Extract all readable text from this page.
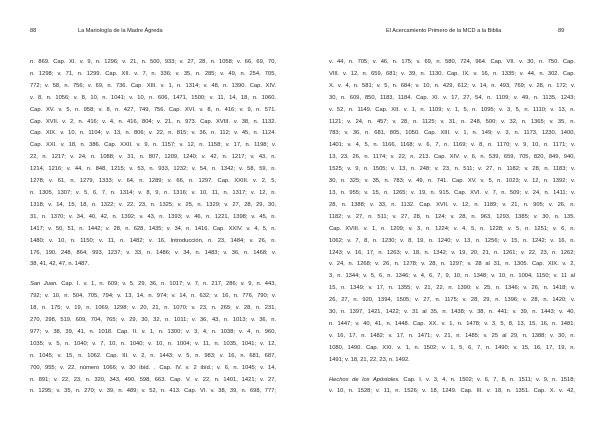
88	La Mariología de la Madre Ágreda
n. 869. Cap. XI. v. 9, n. 1296; v. 21, n. 500, 933; v. 27, 28, n. 1058; v. 66, 69, 70,
n. 1298; v. 71, n. 1299. Cap. XII. v. 7, n. 336; v. 35, n. 285; v. 49, n. 254, 705,
772; v. 58, n. 756; v. 69, n. 736. Cap. XIII. v. 1, n. 1314; v. 48, n. 1390. Cap. XIV.
v. 8, n. 1056; v. 8, 10, n. 1041; v. 10, n. 606, 1471, 1500; v. 11, 14, 18, n. 1060.
Cap. XV. v. 5, n. 958; v. 8, n. 427, 749, 756. Cap. XVI. v. 8, n. 416; v. 9, n. 571.
Cap. XVII. v. 2, n. 416; v. 4, n. 416, 804; v. 21, n. 973. Cap. XVIII. v. 38, n. 1132.
Cap. XIX. v. 10, n. 1104; v. 13, n. 806; v. 22, n. 815; v. 36, n. 112; v. 45, n. 1124.
Cap. XXI. v. 18, n. 386. Cap. XXII. v. 9, n. 1157; v. 12, n. 1158; v. 17, n. 1198; v.
22, n. 1217; v. 24, n. 1088; v. 31, n. 807, 1209, 1240; v. 42, n. 1217; v. 43, n.
1214, 1216; v. 44, n. 848, 1215; v. 53, n. 933, 1232; v. 54, n. 1342; v. 58, 59, n.
1278; v. 61, n. 1279, 1333; v. 64, n. 1289; v. 66, n. 1297. Cap. XXIII. v. 2, 5,
n. 1305, 1307; v. 5, 6, 7, n. 1314; v. 8, 9, n. 1316; v. 10, 11, n. 1317; v. 12, n.
1318; v. 14, 15, 18, n. 1322; v. 22, 23, n. 1325; v. 25, n. 1329; v. 27, 28, 29, 30,
31, n. 1370; v. 34, 40, 42, n. 1392; v. 43, n. 1393; v. 46, n. 1221, 1398; v. 45, n.
1417; v. 50, 51, n. 1442; v. 28, n. 628, 1435; v. 34, n. 1416. Cap. XXIV. v. 4, 5, n.
1480; v. 10, n. 1150; v. 11, n. 1482; v. 16, Introducción, n. 23, 1484; v. 26, n.
176, 190, 248, 864, 993, 1237; v. 33, n. 1486; v. 34, n. 1483; v. 36, n. 1468; v.
38, 41, 42, 47, n. 1487.
San Juan. Cap. I. v. 1, n. 609; v. 5, 29, 36, n. 1017; v. 7, n. 217, 286; v. 9, n. 443,
792; v. 10, n. 504, 705, 794; v. 13, 14, n. 974; v. 14, n. 632; v. 16, n. 776, 790; v.
18, n. 175; v. 19, n. 1069, 1298; v. 20, 21, n. 1070; v. 23, n. 265; v. 28, n. 231,
270, 298, 519, 609, 704, 765; v. 29, 30, 32, n. 1011; v. 36, 43, n. 1013; v. 36, n.
977; v. 38, 39, 41, n. 1018. Cap. II. v. 1, n. 1300; v. 3, 4, n. 1038; v. 4, n. 960,
1035; v. 5, n. 1040; v. 7, 10, n. 1040; v. 10, n. 1004; v. 11, n. 1035, 1041; v. 12,
n. 1045; v. 15, n. 1062. Cap. III. v. 2, n. 1443; v. 5, n. 983; v. 16, n. 681, 687,
700, 955; v. 22, número 1066; v. 30 ibíd. . Cap. IV. v. 2 ibíd.; v. 6, n. 1045; v. 14,
n. 891; v. 22, 23, n. 320, 343, 490, 598, 663. Cap. V. v. 22, n. 1401, 1421; v. 27,
n. 1295; v. 35, n. 270; v. 39, n. 489; v. 52, n. 413. Cap. VI. v. 38, 39, n. 698, 777;
El Acercamiento Primero de la MCD a la Biblia	89
v. 44, n. 705; v. 46, n. 175; v. 69, n. 580, 724, 964. Cap. VII. v. 30, n. 750. Cap.
VIII. v. 12, n. 659, 681; v. 39, n. 1130. Cap. IX. v. 16, n. 1335; v. 44, n. 302. Cap.
X. v. 4, n. 581; v. 5, n. 684; v. 10, n. 429, 612; v. 14, n. 493, 769; v. 28, n. 172; v.
30, n. 609, 850, 1183, 1184. Cap. XI. v. 17, 27, 54, n. 1109; v. 49, n. 1135, 1243;
v. 52, n. 1149. Cap. XII. v. 1, n. 1109; v. 1, 5, n. 1095; v. 3, 5, n. 1110; v. 13, n.
1121; v. 24, n. 457; v. 28, n. 1125; v. 31, n. 248, 500; v. 32, n. 1365; v. 35, n.
783; v. 36, n. 681, 805, 1050. Cap. XIII. v. 1, n. 149; v. 3, n. 1173, 1230, 1400,
1401; v. 4, 5, n. 1166, 1168; v. 6, 7, n. 1169; v. 8, n. 1170; v. 9, 10, n. 1171; v.
13, 23, 26, n. 1174; v. 22, n. 213. Cap. XIV. v. 6, n. 539, 659, 705, 820, 849, 940,
1525; v. 9, n. 1505; v. 13, n. 248; v. 23, n. 511; v. 27, n. 1182; v. 28, n. 1183; v.
30, n. 325; v. 35, n. 783; v. 49, n. 741. Cap. XV. v. 5, n. 1023; v. 12, n. 1392; v.
13, n. 955; v. 15, n. 1265; v. 19, n. 915. Cap. XVI. v. 7, n. 509; v. 24, n. 1411; v.
28, n. 1388; v. 33, n. 1132. Cap. XVII. v. 12, n. 1189; v. 21, n. 905; v. 26, n.
1182; v. 27, n. 511; v. 27, 28, n. 124; v. 28, n. 963, 1293, 1385; v. 30, n. 135.
Cap. XVIII. v. 1, n. 1209; v. 3, n. 1224; v. 4, 5, n. 1228; v. 5, n. 1251; v. 6, n.
1062; v. 7, 8, n. 1230; v. 8, 19, n. 1240; v. 13, n. 1256; v. 15, n. 1242; v. 16, n.
1243; v. 16, 17, n. 1263; v. 18, n. 1342; v. 19, 20, 21, n. 1261; v. 22, 23, n. 1262;
v. 24, n. 1268; v. 26, n. 1278; v. 28, n. 1297; v. 28 al 31, n. 1305. Cap. XIX. v. 2,
3, n. 1344; v. 5, 6, n. 1346; v. 4, 6, 7, 9, 10, n. 1348; v. 10, n. 1004, 1150; v. 11 al
15, n. 1349; v. 17, n. 1355; v. 21, 22, n. 1390; v. 25, n. 1346; v. 26, n. 1418; v.
26, 27, n. 920, 1394, 1505; v. 27, n. 1175; v. 28, 29, n. 1396; v. 28, n. 1420; v.
30, n. 1397, 1421, 1422; v. 31 al 35, n. 1438; v. 38, n. 441; v. 39, n. 1443; v. 40,
n. 1447; v. 40, 41, n. 1448. Cap. XX. v. 1, n. 1478; v. 3, 5, 8, 13, 15, 16, n. 1481;
v. 16, 17, n. 1482; v. 17, n. 1471; v. 21, n. 1485; v. 25 al 29, n. 1388; v. 30, n.
1080, 1490. Cap. XXI. v. 1, n. 1502; v. 1, 5, 6, 7, n. 1490; v. 15, 16, 17, 19, n.
1491; v. 18, 21, 22, 23, n. 1492.
Hechos de los Apóstoles. Cap. I. v. 3, 4, n. 1502; v. 6, 7, 8, n. 1511; v. 9, n. 1518;
v. 10, n. 1528; v. 11, n. 1526; v. 18, 1249. Cap. III. v. 18, n. 1351. Cap. X. v. 42,
